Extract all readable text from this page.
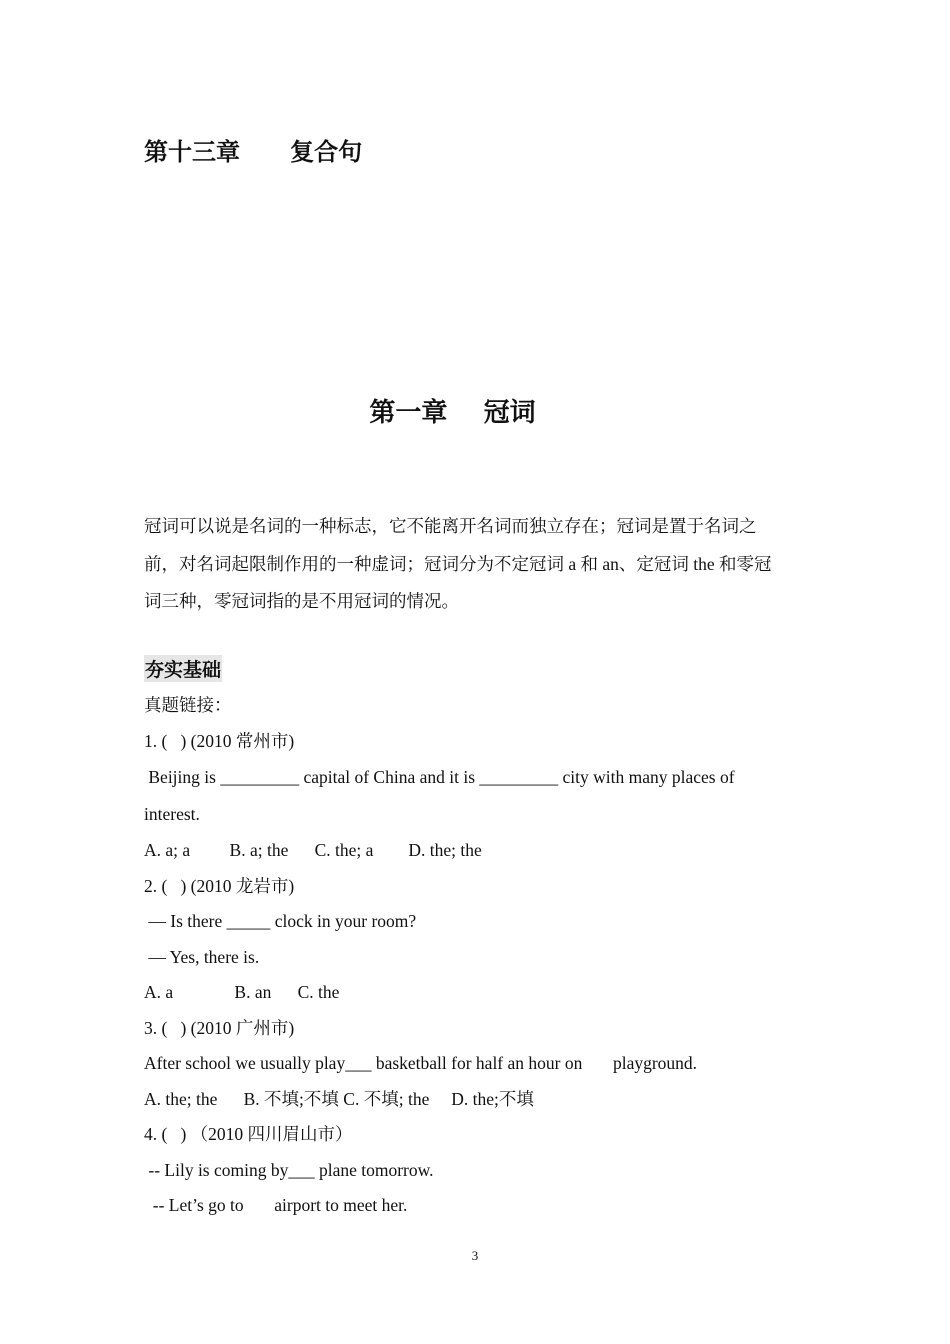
第十三章      复合句
第一章    冠词
冠词可以说是名词的一种标志，它不能离开名词而独立存在；冠词是置于名词之
前，对名词起限制作用的一种虚词；冠词分为不定冠词 a 和 an、定冠词 the 和零冠
词三种，零冠词指的是不用冠词的情况。
夯实基础
真题链接：
1. (   ) (2010 常州市)
Beijing is _________ capital of China and it is _________ city with many places of
interest.
A. a; a         B. a; the      C. the; a        D. the; the
2. (   ) (2010 龙岩市)
— Is there _____ clock in your room?
— Yes, there is.
A. a              B. an      C. the
3. (   ) (2010 广州市)
After school we usually play___ basketball for half an hour on       playground.
A. the; the      B. 不填;不填 C. 不填; the     D. the;不填
4. (   ) （2010 四川眉山市）
-- Lily is coming by___ plane tomorrow.
-- Let’s go to       airport to meet her.
3
